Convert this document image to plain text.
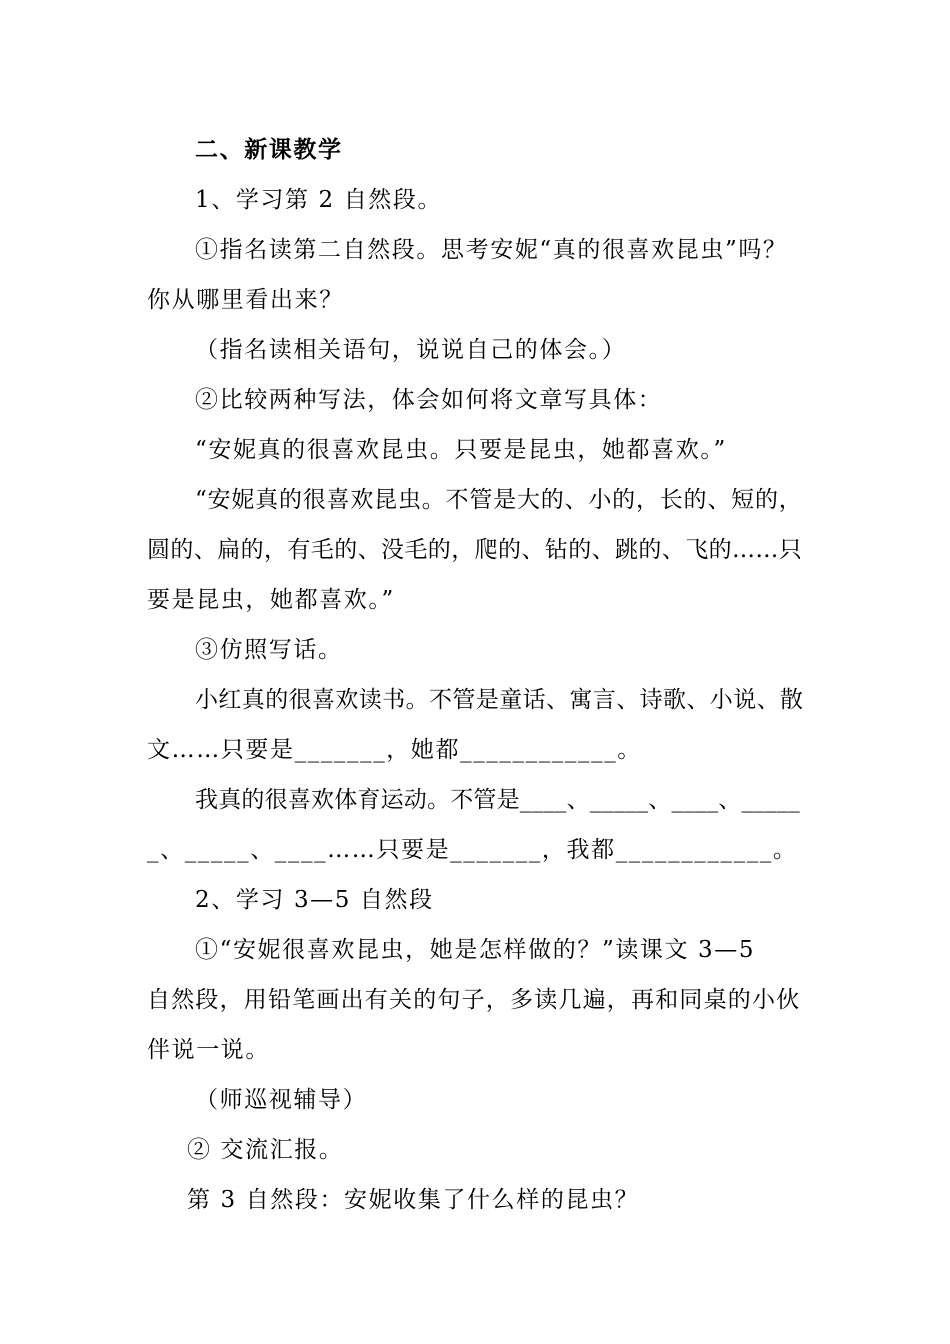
二、新课教学
1、学习第 2 自然段。
①指名读第二自然段。思考安妮“真的很喜欢昆虫”吗？
你从哪里看出来？
（指名读相关语句，说说自己的体会。）
②比较两种写法，体会如何将文章写具体：
“安妮真的很喜欢昆虫。只要是昆虫，她都喜欢。”
“安妮真的很喜欢昆虫。不管是大的、小的，长的、短的，
圆的、扁的，有毛的、没毛的，爬的、钻的、跳的、飞的……只
要是昆虫，她都喜欢。”
③仿照写话。
小红真的很喜欢读书。不管是童话、寓言、诗歌、小说、散
文……只要是_______，她都____________。
我真的很喜欢体育运动。不管是____、_____、____、_____
_、_____、____……只要是_______，我都____________。
2、学习 3—5 自然段
①“安妮很喜欢昆虫，她是怎样做的？”读课文 3—5
自然段，用铅笔画出有关的句子，多读几遍，再和同桌的小伙
伴说一说。
（师巡视辅导）
② 交流汇报。
第 3 自然段：安妮收集了什么样的昆虫？
